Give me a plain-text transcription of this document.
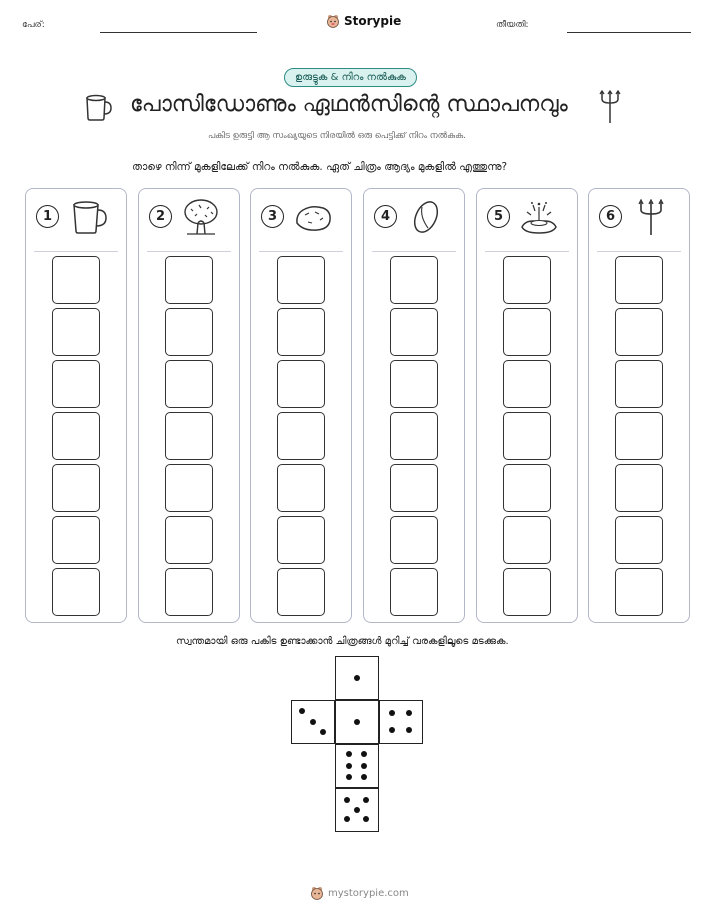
പേര്:	Storypie	തീയതി:
ഉരുട്ടുക & നിറം നൽകുക
പോസിഡോണും ഏഥൻസിന്റെ സ്ഥാപനവും
പകിട ഉരുട്ടി ആ സംഖ്യയുടെ നിരയിൽ ഒരു പെട്ടിക്ക് നിറം നൽകുക.
താഴെ നിന്ന് മുകളിലേക്ക് നിറം നൽകുക. ഏത് ചിത്രം ആദ്യം മുകളിൽ എത്തുന്നു?
1	2	3	4	5	6
സ്വന്തമായി ഒരു പകിട ഉണ്ടാക്കാൻ ചിത്രങ്ങൾ മുറിച്ച് വരകളിലൂടെ മടക്കുക.
mystorypie.com
